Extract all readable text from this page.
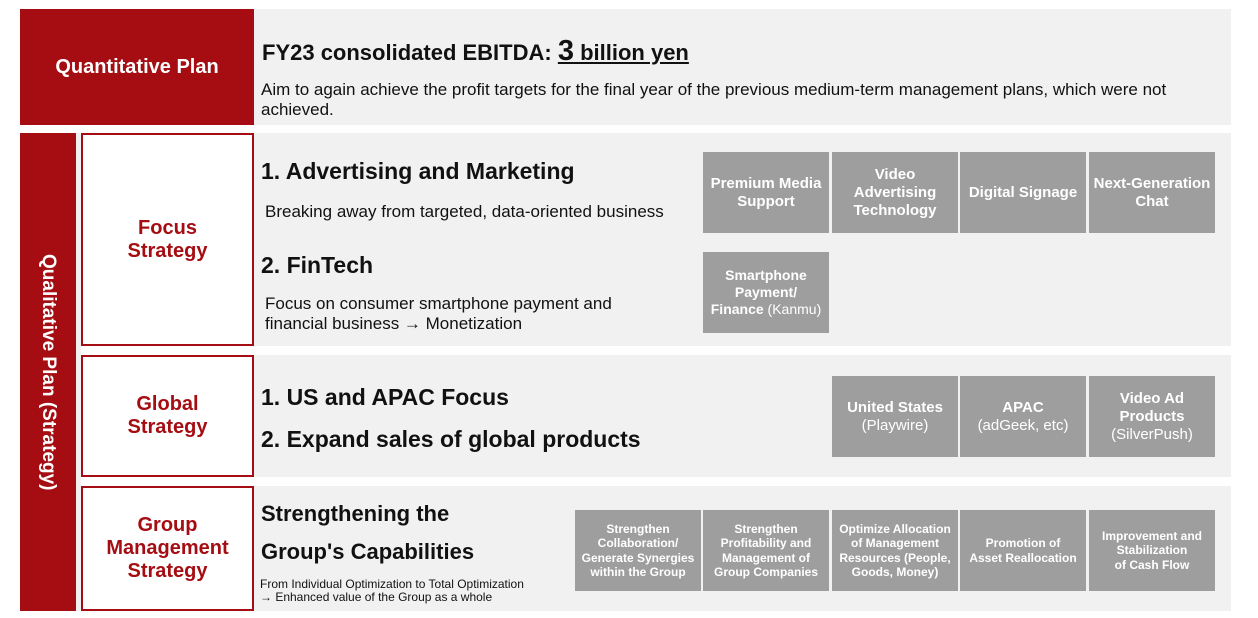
Quantitative Plan
FY23 consolidated EBITDA: 3 billion yen
Aim to again achieve the profit targets for the final year of the previous medium-term management plans, which were not achieved.
Qualitative Plan (Strategy)
Focus
Strategy
1. Advertising and Marketing
Breaking away from targeted, data-oriented business
2. FinTech
Focus on consumer smartphone payment and
financial business → Monetization
Premium Media
Support
Video
Advertising
Technology
Digital Signage
Next-Generation
Chat
Smartphone
Payment/
Finance (Kanmu)
Global
Strategy
1. US and APAC Focus
2. Expand sales of global products
United States
(Playwire)
APAC
(adGeek, etc)
Video Ad
Products
(SilverPush)
Group
Management
Strategy
Strengthening the
Group's Capabilities
From Individual Optimization to Total Optimization
→ Enhanced value of the Group as a whole
Strengthen
Collaboration/
Generate Synergies
within the Group
Strengthen
Profitability and
Management of
Group Companies
Optimize Allocation
of Management
Resources (People,
Goods, Money)
Promotion of
Asset Reallocation
Improvement and
Stabilization
of Cash Flow
